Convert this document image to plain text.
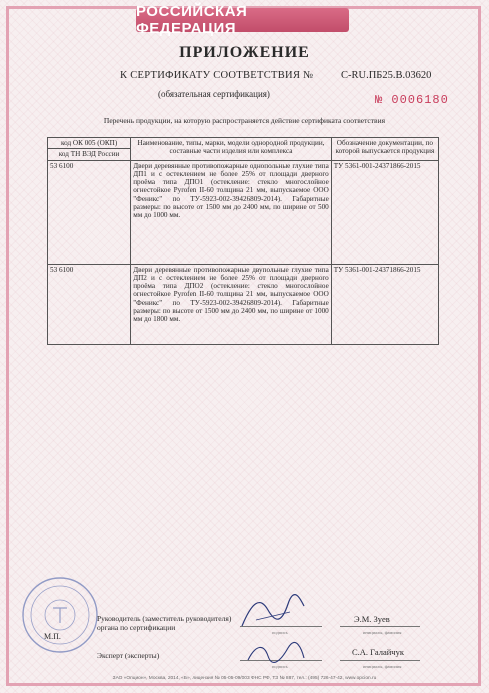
РОССИЙСКАЯ ФЕДЕРАЦИЯ
ПРИЛОЖЕНИЕ
К СЕРТИФИКАТУ СООТВЕТСТВИЯ №	С-RU.ПБ25.В.03620
(обязательная сертификация)	№ 0006180
Перечень продукции, на которую распространяется действие сертификата соответствия
код ОК 005 (ОКП)
код ТН ВЭД России	Наименование, типы, марки, модели однородной продукции, составные части изделия или комплекса	Обозначение документации, по которой выпускается продукция
53 6100	Двери деревянные противопожарные однопольные глухие типа ДП1 и с остеклением не более 25% от площади дверного проёма типа ДПО1 (остекление: стекло многослойное огнестойкое Pyrofen II-60 толщина 21 мм, выпускаемое ООО "Феникс" по ТУ-5923-002-39426809-2014). Габаритные размеры: по высоте от 1500 мм до 2400 мм, по ширине от 500 мм до 1000 мм.	ТУ 5361-001-24371866-2015
53 6100	Двери деревянные противопожарные двупольные глухие типа ДП2 и с остеклением не более 25% от площади дверного проёма типа ДПО2 (остекление: стекло многослойное огнестойкое Pyrofen II-60 толщина 21 мм, выпускаемое ООО "Феникс" по ТУ-5923-002-39426809-2014). Габаритные размеры: по высоте от 1500 мм до 2400 мм, по ширине от 1000 мм до 1800 мм.	ТУ 5361-001-24371866-2015
Руководитель (заместитель руководителя)
органа по сертификации
подпись
Э.М. Зуев
инициалы, фамилия
М.П.
Эксперт (эксперты)
подпись
С.А. Галайчук
инициалы, фамилия
ЗАО «Опцион», Москва, 2014, «Б», лицензия № 05-05-09/003 ФНС РФ, ТЗ № 887, тел.: (495) 726-47-42, www.opcion.ru
